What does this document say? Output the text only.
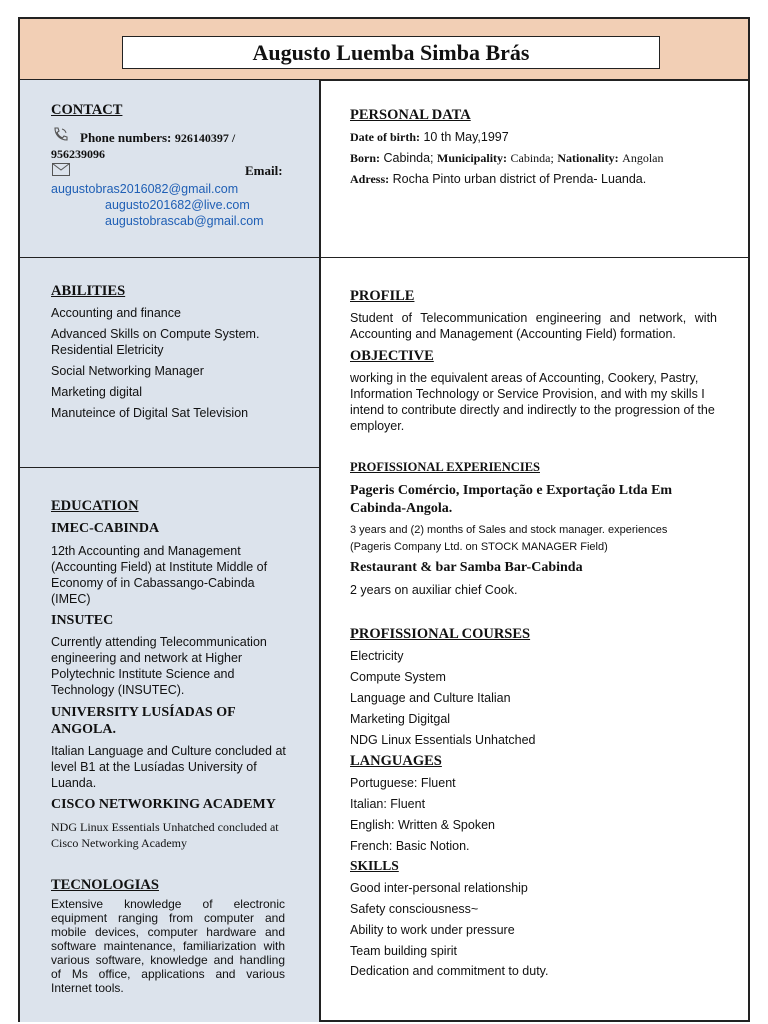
Augusto Luemba Simba Brás
CONTACT
Phone numbers: 926140397 /
956239096
Email:
augustobras2016082@gmail.com
augusto201682@live.com
augustobrascab@gmail.com
PERSONAL DATA
Date of birth: 10 th May,1997
Born: Cabinda; Municipality: Cabinda; Nationality: Angolan
Adress: Rocha Pinto urban district of Prenda- Luanda.
ABILITIES
Accounting and finance
Advanced Skills on Compute System.
Residential Eletricity
Social Networking Manager
Marketing digital
Manuteince of Digital Sat Television
PROFILE
Student of Telecommunication engineering and network, with Accounting and Management (Accounting Field) formation.
OBJECTIVE
working in the equivalent areas of Accounting, Cookery, Pastry, Information Technology or Service Provision, and with my skills I intend to contribute directly and indirectly to the progression of the employer.
EDUCATION
IMEC-CABINDA
12th Accounting and Management (Accounting Field) at Institute Middle of Economy of in Cabassango-Cabinda (IMEC)
INSUTEC
Currently attending Telecommunication engineering and network at Higher Polytechnic Institute Science and Technology (INSUTEC).
UNIVERSITY LUSÍADAS OF ANGOLA.
Italian Language and Culture concluded at level B1 at the Lusíadas University of Luanda.
CISCO NETWORKING ACADEMY
NDG Linux Essentials Unhatched concluded at Cisco Networking Academy
TECNOLOGIAS
Extensive knowledge of electronic equipment ranging from computer and mobile devices, computer hardware and software maintenance, familiarization with various software, knowledge and handling of Ms office, applications and various Internet tools.
PROFISSIONAL EXPERIENCIES
Pageris Comércio, Importação e Exportação Ltda Em Cabinda-Angola.
3 years and (2) months of Sales and stock manager. experiences
(Pageris Company Ltd. on STOCK MANAGER Field)
Restaurant & bar Samba Bar-Cabinda
2 years on auxiliar chief Cook.
PROFISSIONAL COURSES
Electricity
Compute System
Language and Culture Italian
Marketing Digitgal
NDG Linux Essentials Unhatched
LANGUAGES
Portuguese: Fluent
Italian: Fluent
English: Written & Spoken
French: Basic Notion.
SKILLS
Good inter-personal relationship
Safety consciousness~
Ability to work under pressure
Team building spirit
Dedication and commitment to duty.
